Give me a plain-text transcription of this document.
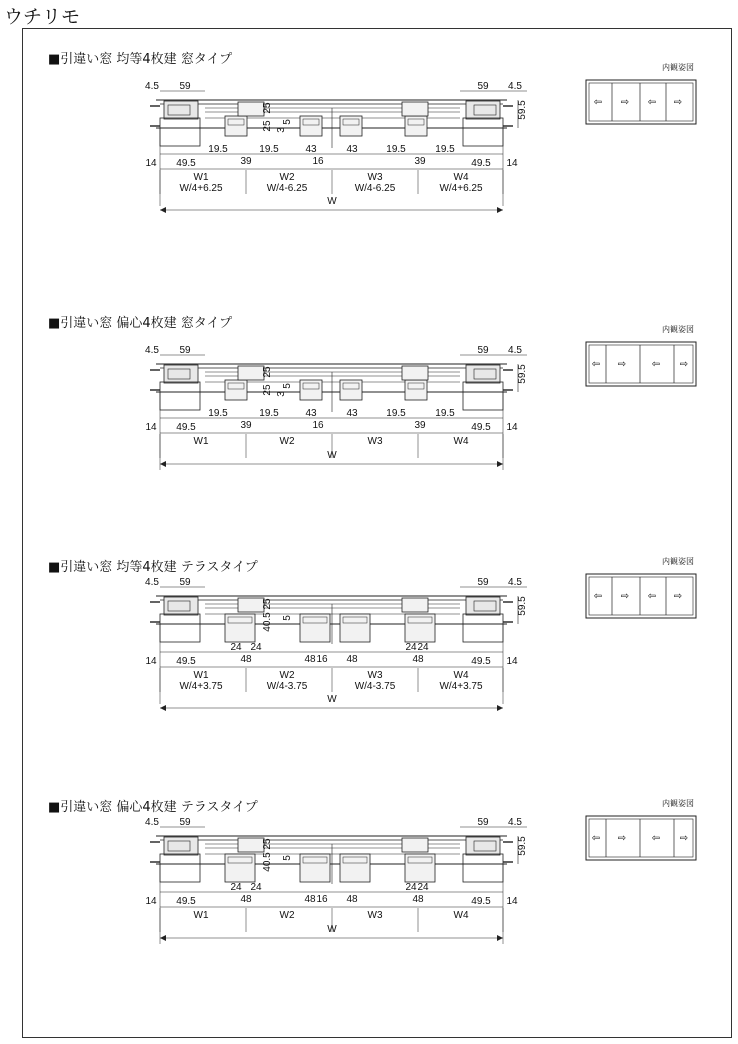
ウチリモ
■引違い窓 均等4枚建 窓タイプ
■引違い窓 偏心4枚建 窓タイプ
■引違い窓 均等4枚建 テラスタイプ
■引違い窓 偏心4枚建 テラスタイプ
内観姿図
内観姿図
内観姿図
内観姿図
4.5 59	59 4.5
25
5
25 3
59.5
19.5
39
19.5	43
16
43	19.5
39
19.5
14 49.5	49.5 14
W1	W2	W3	W4
W/4+6.25	W/4-6.25	W/4-6.25	W/4+6.25
W
⇦ ⇨ ⇦ ⇨
4.5 59	59 4.5
25
5
25 3
59.5
19.5
39
19.5	43
16
43	19.5
39
19.5
14 49.5	49.5 14
W1	W2	W3	W4
W
⇦ ⇨	⇦ ⇨
4.5 59	59 4.5
25
5
40.5
59.5
24 24
48	48 16 48
24 24
48
14 49.5	49.5 14
W1	W2	W3	W4
W/4+3.75	W/4-3.75	W/4-3.75	W/4+3.75
W
⇦ ⇨ ⇦ ⇨
4.5 59	59 4.5
25
5
40.5
59.5
24 24
48	48 16 48
24 24
48
14 49.5	49.5 14
W1	W2	W3	W4
W
⇦ ⇨	⇦ ⇨
